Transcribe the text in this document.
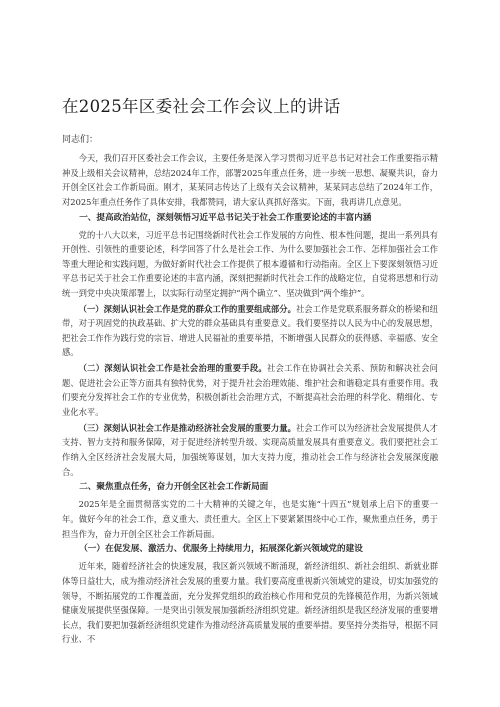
在2025年区委社会工作会议上的讲话

同志们：

今天，我们召开区委社会工作会议，主要任务是深入学习贯彻习近平总书记对社会工作重要指示精神及上级相关会议精神，总结2024年工作，部署2025年重点任务，进一步统一思想、凝聚共识，奋力开创全区社会工作新局面。刚才，某某同志传达了上级有关会议精神，某某同志总结了2024年工作，对2025年重点任务作了具体安排，我都赞同，请大家认真抓好落实。下面，我再讲几点意见。

一、提高政治站位，深刻领悟习近平总书记关于社会工作重要论述的丰富内涵

党的十八大以来，习近平总书记围绕新时代社会工作发展的方向性、根本性问题，提出一系列具有开创性、引领性的重要论述，科学回答了什么是社会工作、为什么要加强社会工作、怎样加强社会工作等重大理论和实践问题，为做好新时代社会工作提供了根本遵循和行动指南。全区上下要深刻领悟习近平总书记关于社会工作重要论述的丰富内涵，深刻把握新时代社会工作的战略定位，自觉将思想和行动统一到党中央决策部署上，以实际行动坚定拥护“两个确立”、坚决做到“两个维护”。

（一）深刻认识社会工作是党的群众工作的重要组成部分。社会工作是党联系服务群众的桥梁和纽带，对于巩固党的执政基础、扩大党的群众基础具有重要意义。我们要坚持以人民为中心的发展思想，把社会工作作为践行党的宗旨、增进人民福祉的重要举措，不断增强人民群众的获得感、幸福感、安全感。

（二）深刻认识社会工作是社会治理的重要手段。社会工作在协调社会关系、预防和解决社会问题、促进社会公正等方面具有独特优势，对于提升社会治理效能、维护社会和谐稳定具有重要作用。我们要充分发挥社会工作的专业优势，积极创新社会治理方式，不断提高社会治理的科学化、精细化、专业化水平。

（三）深刻认识社会工作是推动经济社会发展的重要力量。社会工作可以为经济社会发展提供人才支持、智力支持和服务保障，对于促进经济转型升级、实现高质量发展具有重要意义。我们要把社会工作纳入全区经济社会发展大局，加强统筹谋划，加大支持力度，推动社会工作与经济社会发展深度融合。

二、聚焦重点任务，奋力开创全区社会工作新局面

2025年是全面贯彻落实党的二十大精神的关键之年，也是实施“十四五”规划承上启下的重要一年。做好今年的社会工作，意义重大、责任重大。全区上下要紧紧围绕中心工作，聚焦重点任务，勇于担当作为，奋力开创全区社会工作新局面。

（一）在促发展、激活力、优服务上持续用力，拓展深化新兴领域党的建设

近年来，随着经济社会的快速发展，我区新兴领域不断涌现，新经济组织、新社会组织、新就业群体等日益壮大，成为推动经济社会发展的重要力量。我们要高度重视新兴领域党的建设，切实加强党的领导，不断拓展党的工作覆盖面，充分发挥党组织的政治核心作用和党员的先锋模范作用，为新兴领域健康发展提供坚强保障。一是突出引领发展加强新经济组织党建。新经济组织是我区经济发展的重要增长点，我们要把加强新经济组织党建作为推动经济高质量发展的重要举措。要坚持分类指导，根据不同行业、不
